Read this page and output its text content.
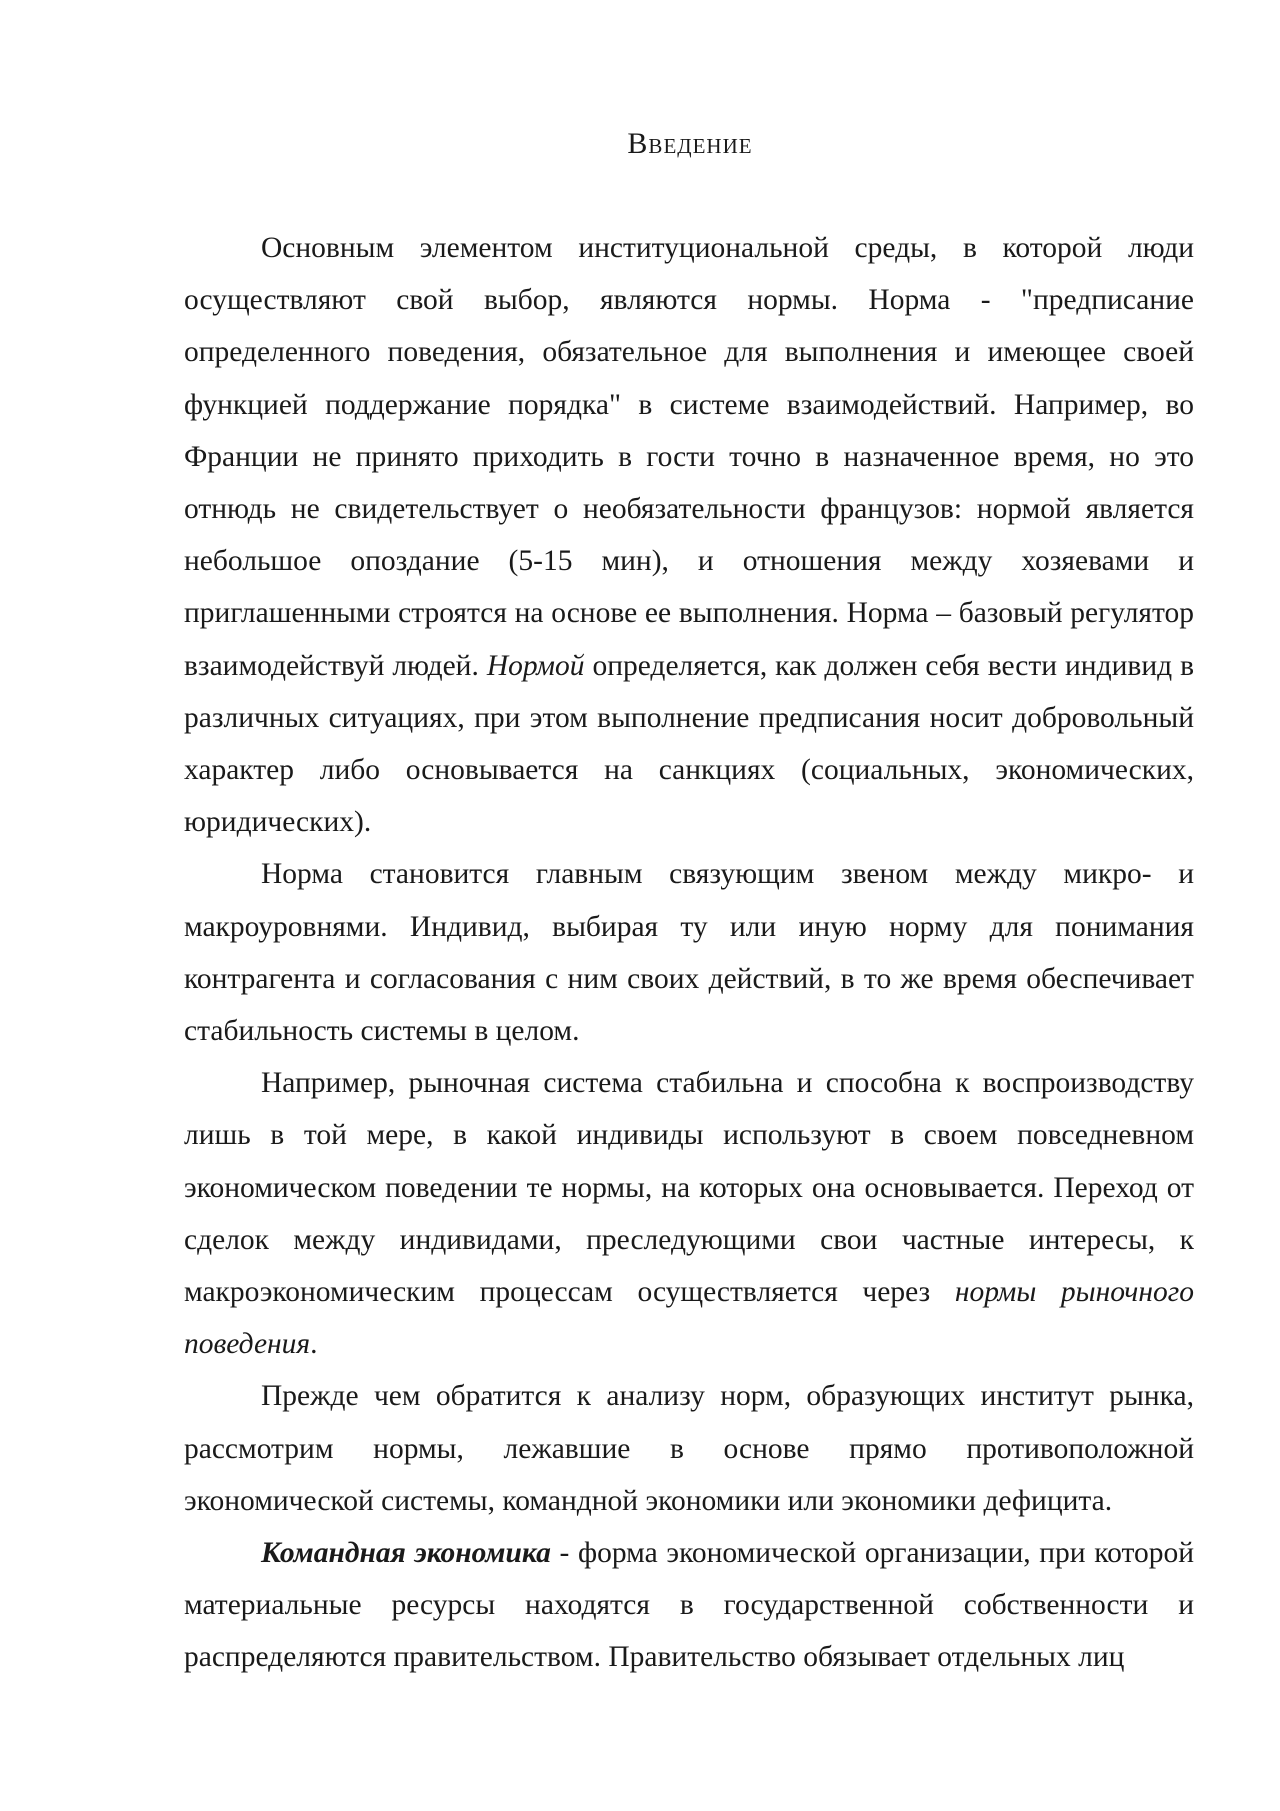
Введение

Основным элементом институциональной среды, в которой люди осуществляют свой выбор, являются нормы. Норма - "предписание определенного поведения, обязательное для выполнения и имеющее своей функцией поддержание порядка" в системе взаимодействий. Например, во Франции не принято приходить в гости точно в назначенное время, но это отнюдь не свидетельствует о необязательности французов: нормой является небольшое опоздание (5-15 мин), и отношения между хозяевами и приглашенными строятся на основе ее выполнения. Норма – базовый регулятор взаимодействуй людей. Нормой определяется, как должен себя вести индивид в различных ситуациях, при этом выполнение предписания носит добровольный характер либо основывается на санкциях (социальных, экономических, юридических).

Норма становится главным связующим звеном между микро- и макроуровнями. Индивид, выбирая ту или иную норму для понимания контрагента и согласования с ним своих действий, в то же время обеспечивает стабильность системы в целом.

Например, рыночная система стабильна и способна к воспроизводству лишь в той мере, в какой индивиды используют в своем повседневном экономическом поведении те нормы, на которых она основывается. Переход от сделок между индивидами, преследующими свои частные интересы, к макроэкономическим процессам осуществляется через нормы рыночного поведения.

Прежде чем обратится к анализу норм, образующих институт рынка, рассмотрим нормы, лежавшие в основе прямо противоположной экономической системы, командной экономики или экономики дефицита.

Командная экономика - форма экономической организации, при которой материальные ресурсы находятся в государственной собственности и распределяются правительством. Правительство обязывает отдельных лиц
